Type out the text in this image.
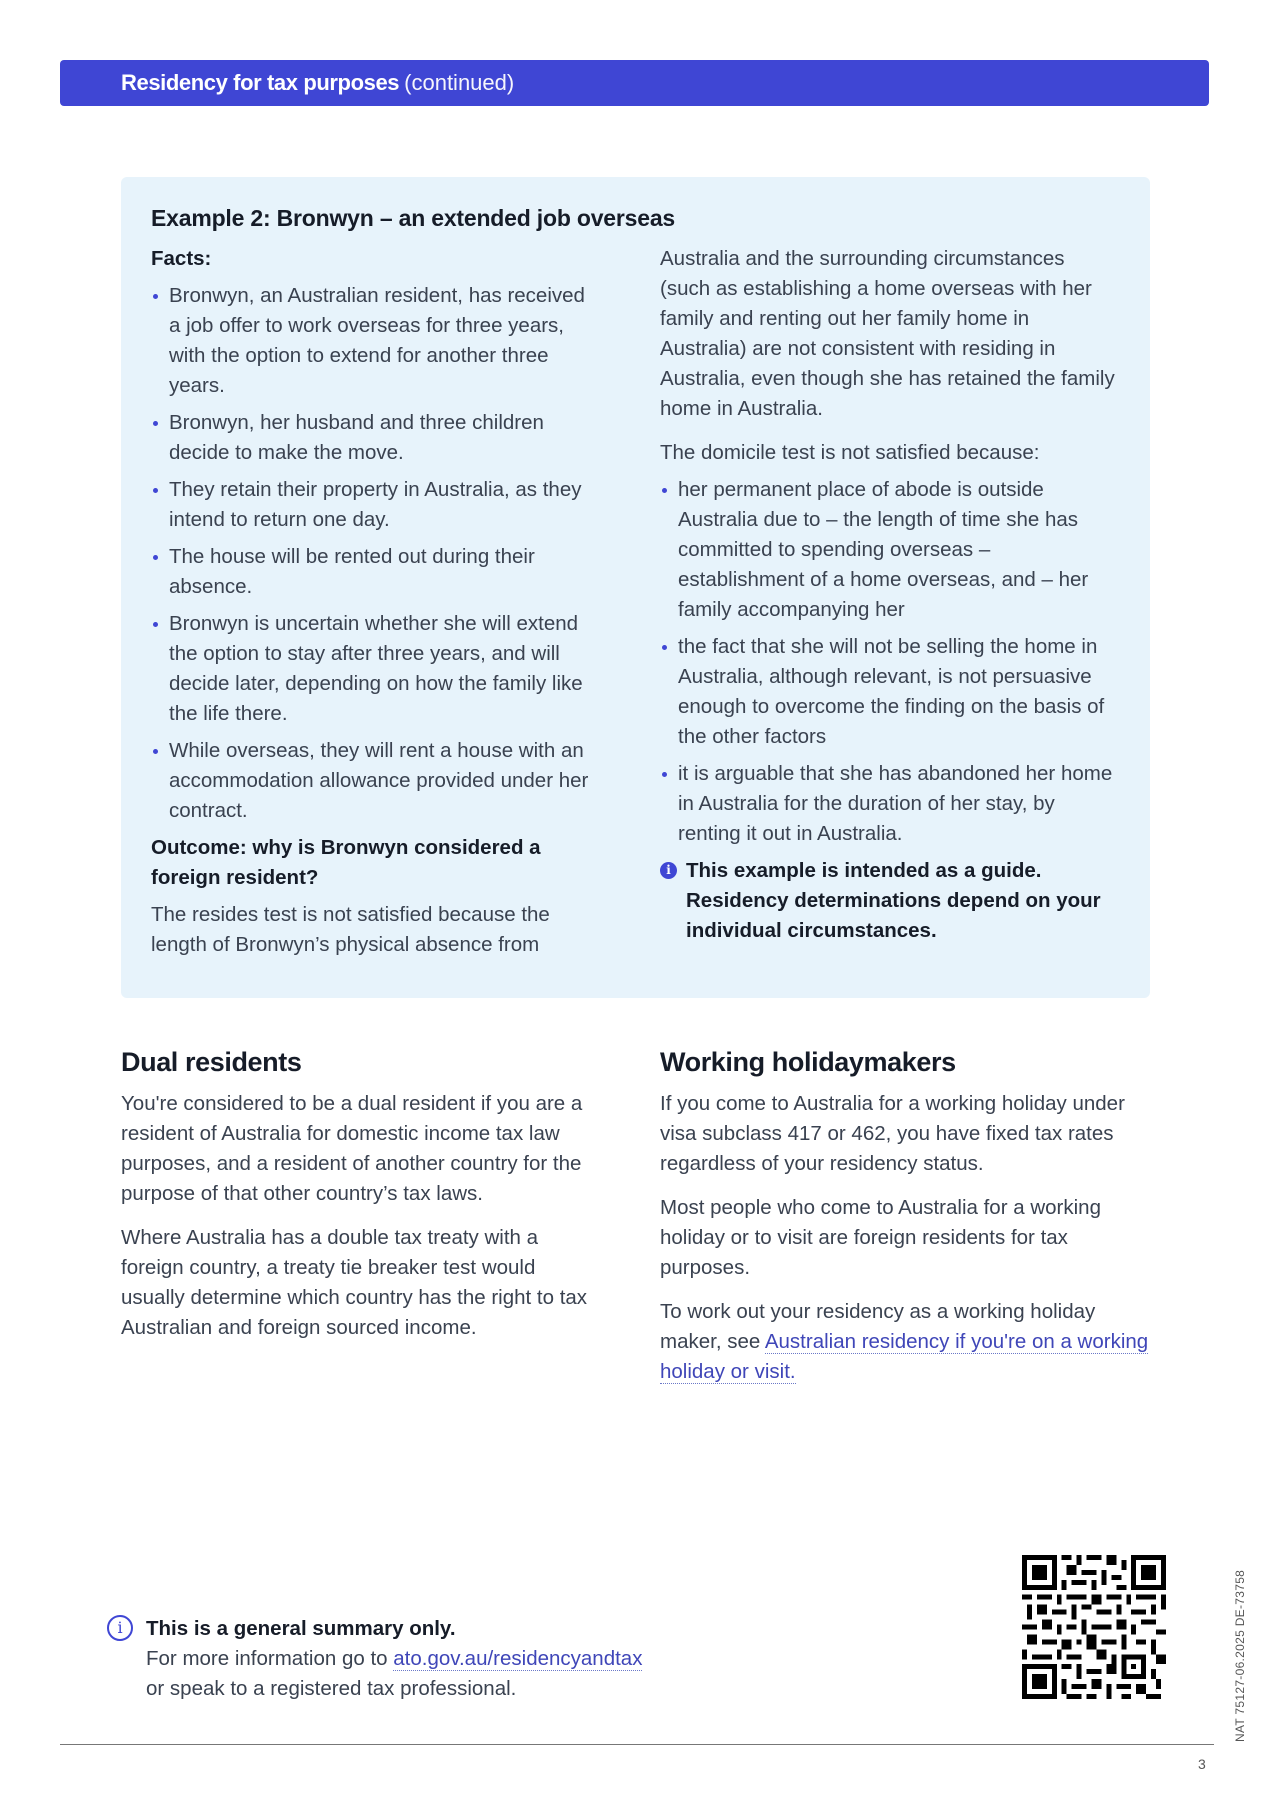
Residency for tax purposes (continued)
Example 2: Bronwyn – an extended job overseas
Facts:
Bronwyn, an Australian resident, has received a job offer to work overseas for three years, with the option to extend for another three years.
Bronwyn, her husband and three children decide to make the move.
They retain their property in Australia, as they intend to return one day.
The house will be rented out during their absence.
Bronwyn is uncertain whether she will extend the option to stay after three years, and will decide later, depending on how the family like the life there.
While overseas, they will rent a house with an accommodation allowance provided under her contract.
Outcome: why is Bronwyn considered a foreign resident?

The resides test is not satisfied because the length of Bronwyn’s physical absence from

Australia and the surrounding circumstances (such as establishing a home overseas with her family and renting out her family home in Australia) are not consistent with residing in Australia, even though she has retained the family home in Australia.

The domicile test is not satisfied because:

her permanent place of abode is outside Australia due to – the length of time she has committed to spending overseas – establishment of a home overseas, and – her family accompanying her
the fact that she will not be selling the home in Australia, although relevant, is not persuasive enough to overcome the finding on the basis of the other factors
it is arguable that she has abandoned her home in Australia for the duration of her stay, by renting it out in Australia.
i This example is intended as a guide. Residency determinations depend on your individual circumstances.
Dual residents

You're considered to be a dual resident if you are a resident of Australia for domestic income tax law purposes, and a resident of another country for the purpose of that other country’s tax laws.

Where Australia has a double tax treaty with a foreign country, a treaty tie breaker test would usually determine which country has the right to tax Australian and foreign sourced income.

Working holidaymakers

If you come to Australia for a working holiday under visa subclass 417 or 462, you have fixed tax rates regardless of your residency status.

Most people who come to Australia for a working holiday or to visit are foreign residents for tax purposes.

To work out your residency as a working holiday maker, see Australian residency if you're on a working holiday or visit.

i	This is a general summary only.
For more information go to ato.gov.au/residencyandtax
or speak to a registered tax professional.	NAT 75127-06.2025 DE-73758
3
